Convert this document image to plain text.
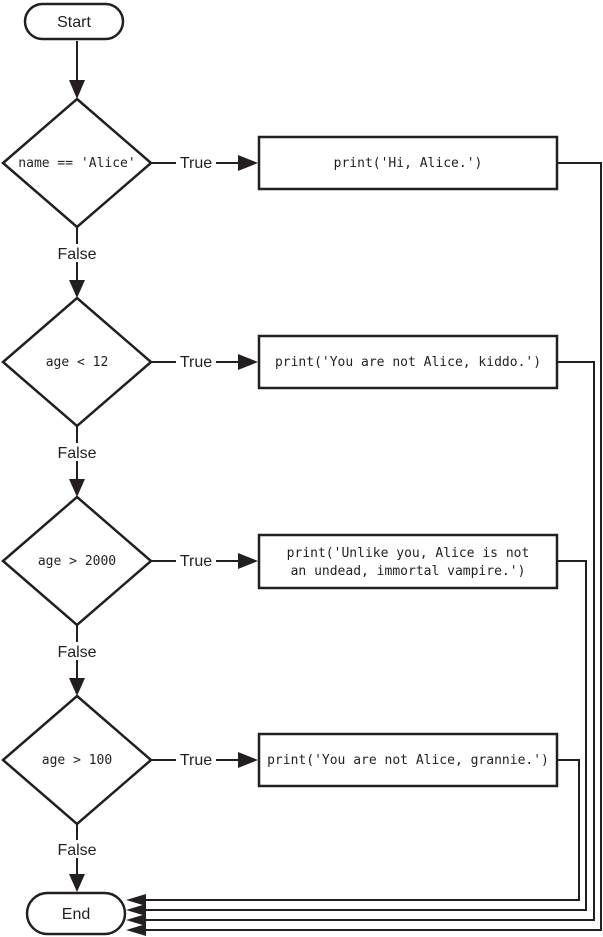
Start
name == 'Alice'	True	print('Hi, Alice.')
False
age < 12	True	print('You are not Alice, kiddo.')
False
age > 2000	True	print('Unlike you, Alice is not
an undead, immortal vampire.')
False
age > 100	True	print('You are not Alice, grannie.')
False
End
